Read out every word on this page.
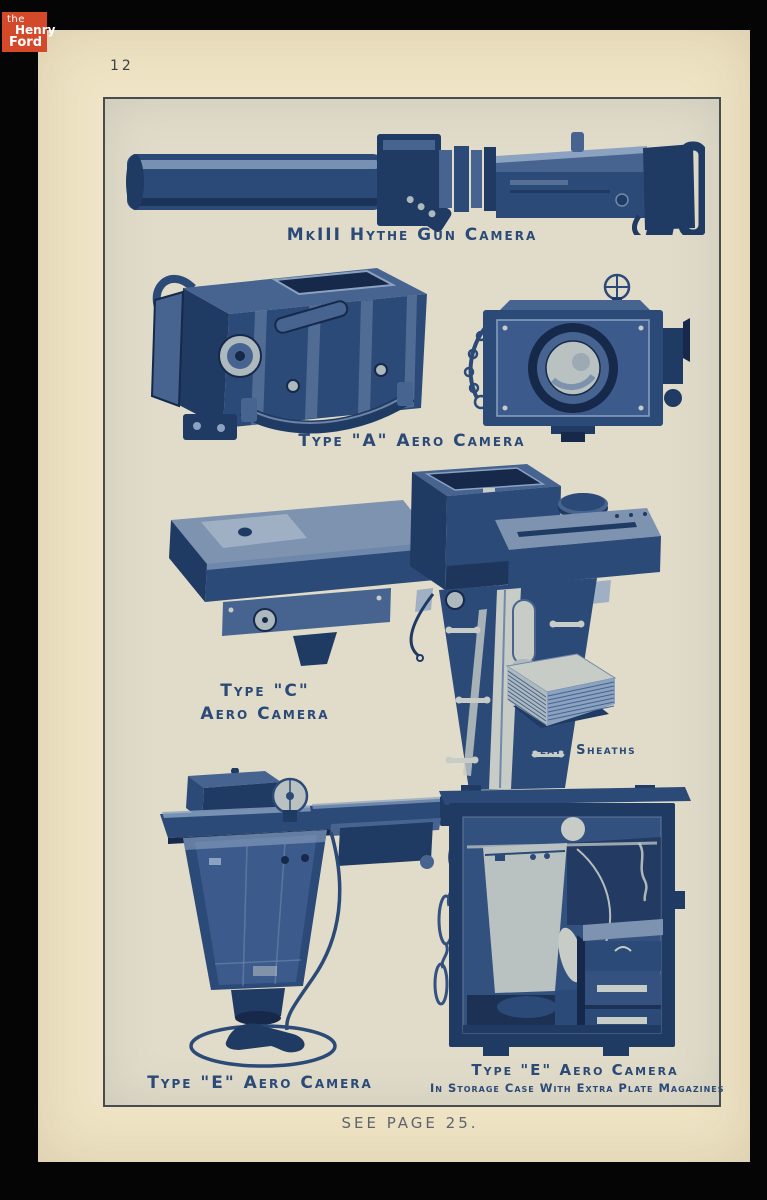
the
Henry
Ford
12
MkIII Hythe Gun Camera
Type "A" Aero Camera
Type "C"
Aero Camera
Plate Sheaths
Type "E" Aero Camera
Type "E" Aero Camera
In Storage Case With Extra Plate Magazines
SEE PAGE 25.
